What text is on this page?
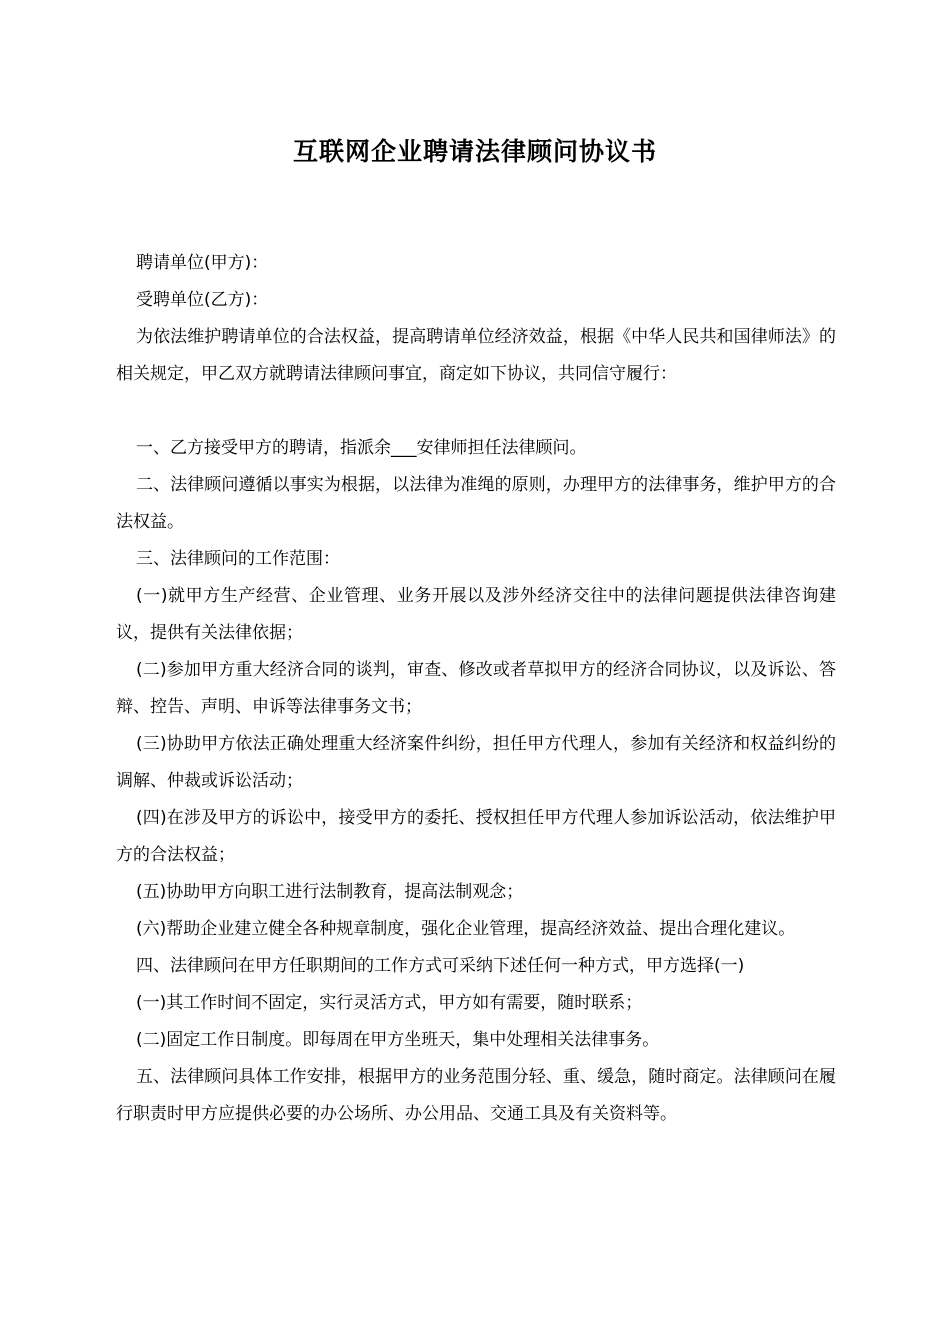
互联网企业聘请法律顾问协议书

聘请单位(甲方)：

受聘单位(乙方)：

为依法维护聘请单位的合法权益，提高聘请单位经济效益，根据《中华人民共和国律师法》的相关规定，甲乙双方就聘请法律顾问事宜，商定如下协议，共同信守履行：

一、乙方接受甲方的聘请，指派余___安律师担任法律顾问。

二、法律顾问遵循以事实为根据，以法律为准绳的原则，办理甲方的法律事务，维护甲方的合法权益。

三、法律顾问的工作范围：

(一)就甲方生产经营、企业管理、业务开展以及涉外经济交往中的法律问题提供法律咨询建议，提供有关法律依据；

(二)参加甲方重大经济合同的谈判，审查、修改或者草拟甲方的经济合同协议，以及诉讼、答辩、控告、声明、申诉等法律事务文书；

(三)协助甲方依法正确处理重大经济案件纠纷，担任甲方代理人，参加有关经济和权益纠纷的调解、仲裁或诉讼活动；

(四)在涉及甲方的诉讼中，接受甲方的委托、授权担任甲方代理人参加诉讼活动，依法维护甲方的合法权益；

(五)协助甲方向职工进行法制教育，提高法制观念；

(六)帮助企业建立健全各种规章制度，强化企业管理，提高经济效益、提出合理化建议。

四、法律顾问在甲方任职期间的工作方式可采纳下述任何一种方式，甲方选择(一)

(一)其工作时间不固定，实行灵活方式，甲方如有需要，随时联系；

(二)固定工作日制度。即每周在甲方坐班天，集中处理相关法律事务。

五、法律顾问具体工作安排，根据甲方的业务范围分轻、重、缓急，随时商定。法律顾问在履行职责时甲方应提供必要的办公场所、办公用品、交通工具及有关资料等。
